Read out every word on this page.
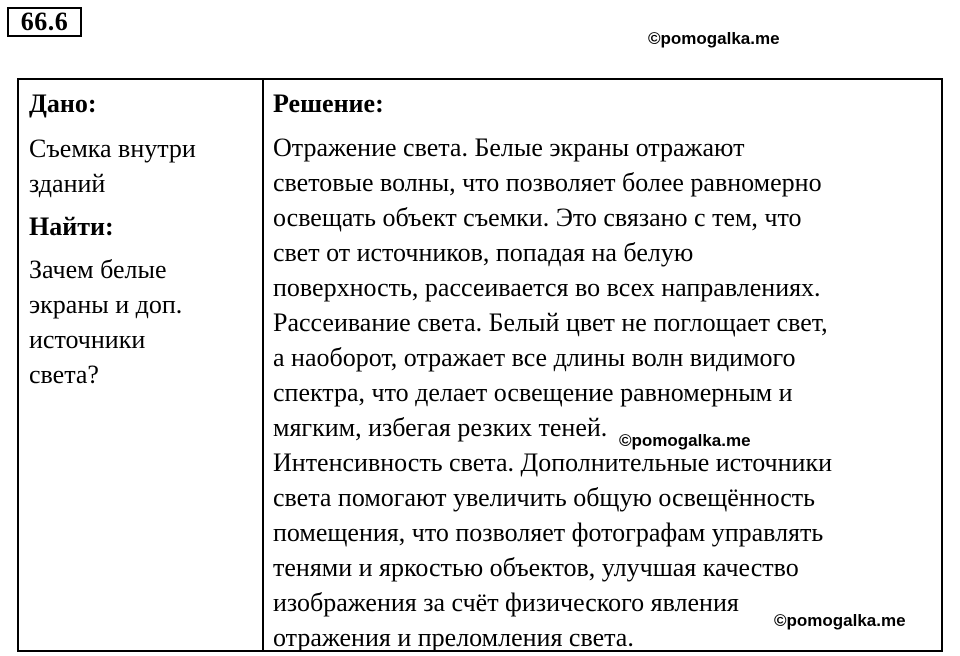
66.6
©pomogalka.me
Дано:

Съемка внутри
зданий

Найти:

Зачем белые
экраны и доп.
источники
света?

Решение:

Отражение света. Белые экраны отражают
световые волны, что позволяет более равномерно
освещать объект съемки. Это связано с тем, что
свет от источников, попадая на белую
поверхность, рассеивается во всех направлениях.
Рассеивание света. Белый цвет не поглощает свет,
а наоборот, отражает все длины волн видимого
спектра, что делает освещение равномерным и
мягким, избегая резких теней.
Интенсивность света. Дополнительные источники
света помогают увеличить общую освещённость
помещения, что позволяет фотографам управлять
тенями и яркостью объектов, улучшая качество
изображения за счёт физического явления
отражения и преломления света.

©pomogalka.me
©pomogalka.me
